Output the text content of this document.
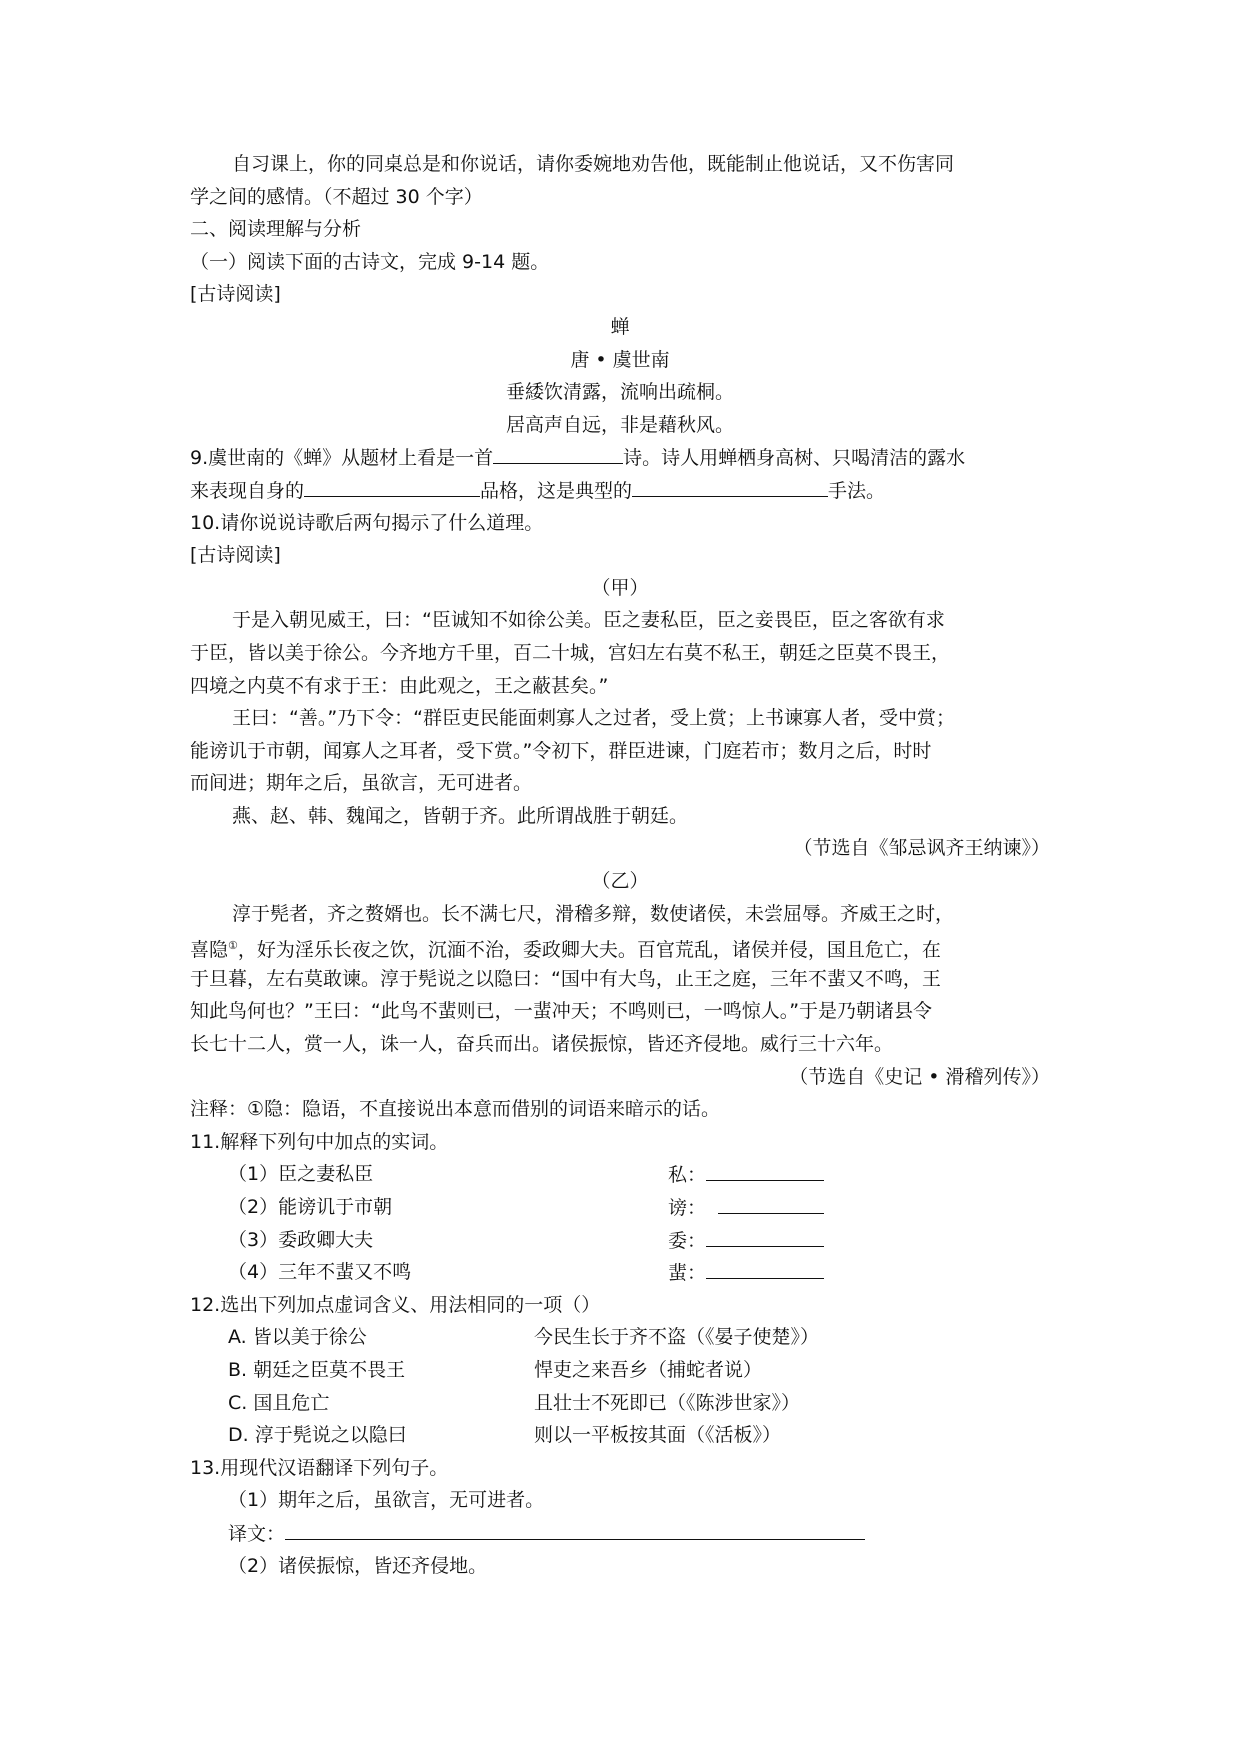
自习课上，你的同桌总是和你说话，请你委婉地劝告他，既能制止他说话，又不伤害同
学之间的感情。（不超过 30 个字）
二、阅读理解与分析
（一）阅读下面的古诗文，完成 9-14 题。
[古诗阅读]
蝉
唐 • 虞世南
垂緌饮清露，流响出疏桐。
居高声自远，非是藉秋风。
9.虞世南的《蝉》从题材上看是一首	诗。诗人用蝉栖身高树、只喝清洁的露水
来表现自身的	品格，这是典型的	手法。
10.请你说说诗歌后两句揭示了什么道理。
[古诗阅读]
（甲）
于是入朝见威王，曰：“臣诚知不如徐公美。臣之妻私臣，臣之妾畏臣，臣之客欲有求
于臣，皆以美于徐公。今齐地方千里，百二十城，宫妇左右莫不私王，朝廷之臣莫不畏王，
四境之内莫不有求于王：由此观之，王之蔽甚矣。”
王曰：“善。”乃下令：“群臣吏民能面刺寡人之过者，受上赏；上书谏寡人者，受中赏；
能谤讥于市朝，闻寡人之耳者，受下赏。”令初下，群臣进谏，门庭若市；数月之后，时时
而间进；期年之后，虽欲言，无可进者。
燕、赵、韩、魏闻之，皆朝于齐。此所谓战胜于朝廷。
（节选自《邹忌讽齐王纳谏》）
（乙）
淳于髡者，齐之赘婿也。长不满七尺，滑稽多辩，数使诸侯，未尝屈辱。齐威王之时，
喜隐①，好为淫乐长夜之饮，沉湎不治，委政卿大夫。百官荒乱，诸侯并侵，国且危亡，在
于旦暮，左右莫敢谏。淳于髡说之以隐曰：“国中有大鸟，止王之庭，三年不蜚又不鸣，王
知此鸟何也？”王曰：“此鸟不蜚则已，一蜚冲天；不鸣则已，一鸣惊人。”于是乃朝诸县令
长七十二人，赏一人，诛一人，奋兵而出。诸侯振惊，皆还齐侵地。威行三十六年。
（节选自《史记 • 滑稽列传》）
注释：①隐：隐语，不直接说出本意而借别的词语来暗示的话。
11.解释下列句中加点的实词。
（1）臣之妻私臣	私：
（2）能谤讥于市朝	谤：
（3）委政卿大夫	委：
（4）三年不蜚又不鸣	蜚：
12.选出下列加点虚词含义、用法相同的一项（）
A. 皆以美于徐公	今民生长于齐不盗（《晏子使楚》）
B. 朝廷之臣莫不畏王	悍吏之来吾乡（捕蛇者说）
C. 国且危亡	且壮士不死即已（《陈涉世家》）
D. 淳于髡说之以隐曰	则以一平板按其面（《活板》）
13.用现代汉语翻译下列句子。
（1）期年之后，虽欲言，无可进者。
译文：
（2）诸侯振惊，皆还齐侵地。
